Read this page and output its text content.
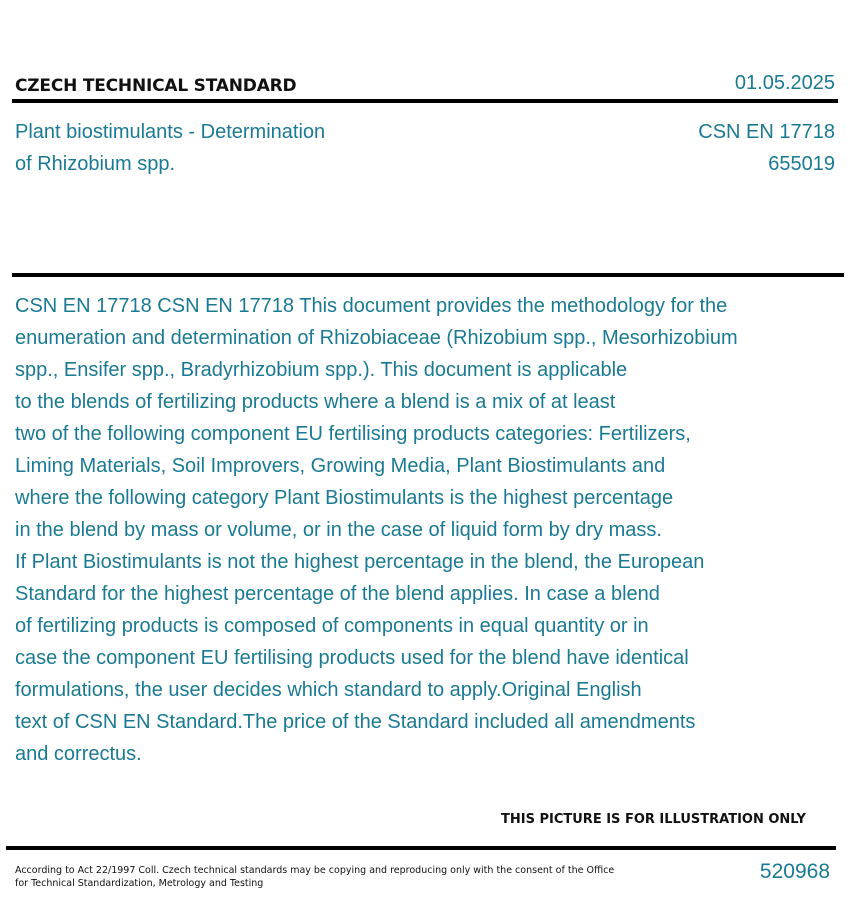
CZECH TECHNICAL STANDARD	01.05.2025
Plant biostimulants - Determination
of Rhizobium spp.
CSN EN 17718
655019
CSN EN 17718 CSN EN 17718 This document provides the methodology for the
enumeration and determination of Rhizobiaceae (Rhizobium spp., Mesorhizobium
spp., Ensifer spp., Bradyrhizobium spp.). This document is applicable
to the blends of fertilizing products where a blend is a mix of at least
two of the following component EU fertilising products categories: Fertilizers,
Liming Materials, Soil Improvers, Growing Media, Plant Biostimulants and
where the following category Plant Biostimulants is the highest percentage
in the blend by mass or volume, or in the case of liquid form by dry mass.
If Plant Biostimulants is not the highest percentage in the blend, the European
Standard for the highest percentage of the blend applies. In case a blend
of fertilizing products is composed of components in equal quantity or in
case the component EU fertilising products used for the blend have identical
formulations, the user decides which standard to apply.Original English
text of CSN EN Standard.The price of the Standard included all amendments
and correctus.
THIS PICTURE IS FOR ILLUSTRATION ONLY
According to Act 22/1997 Coll. Czech technical standards may be copying and reproducing only with the consent of the Office
for Technical Standardization, Metrology and Testing
520968
